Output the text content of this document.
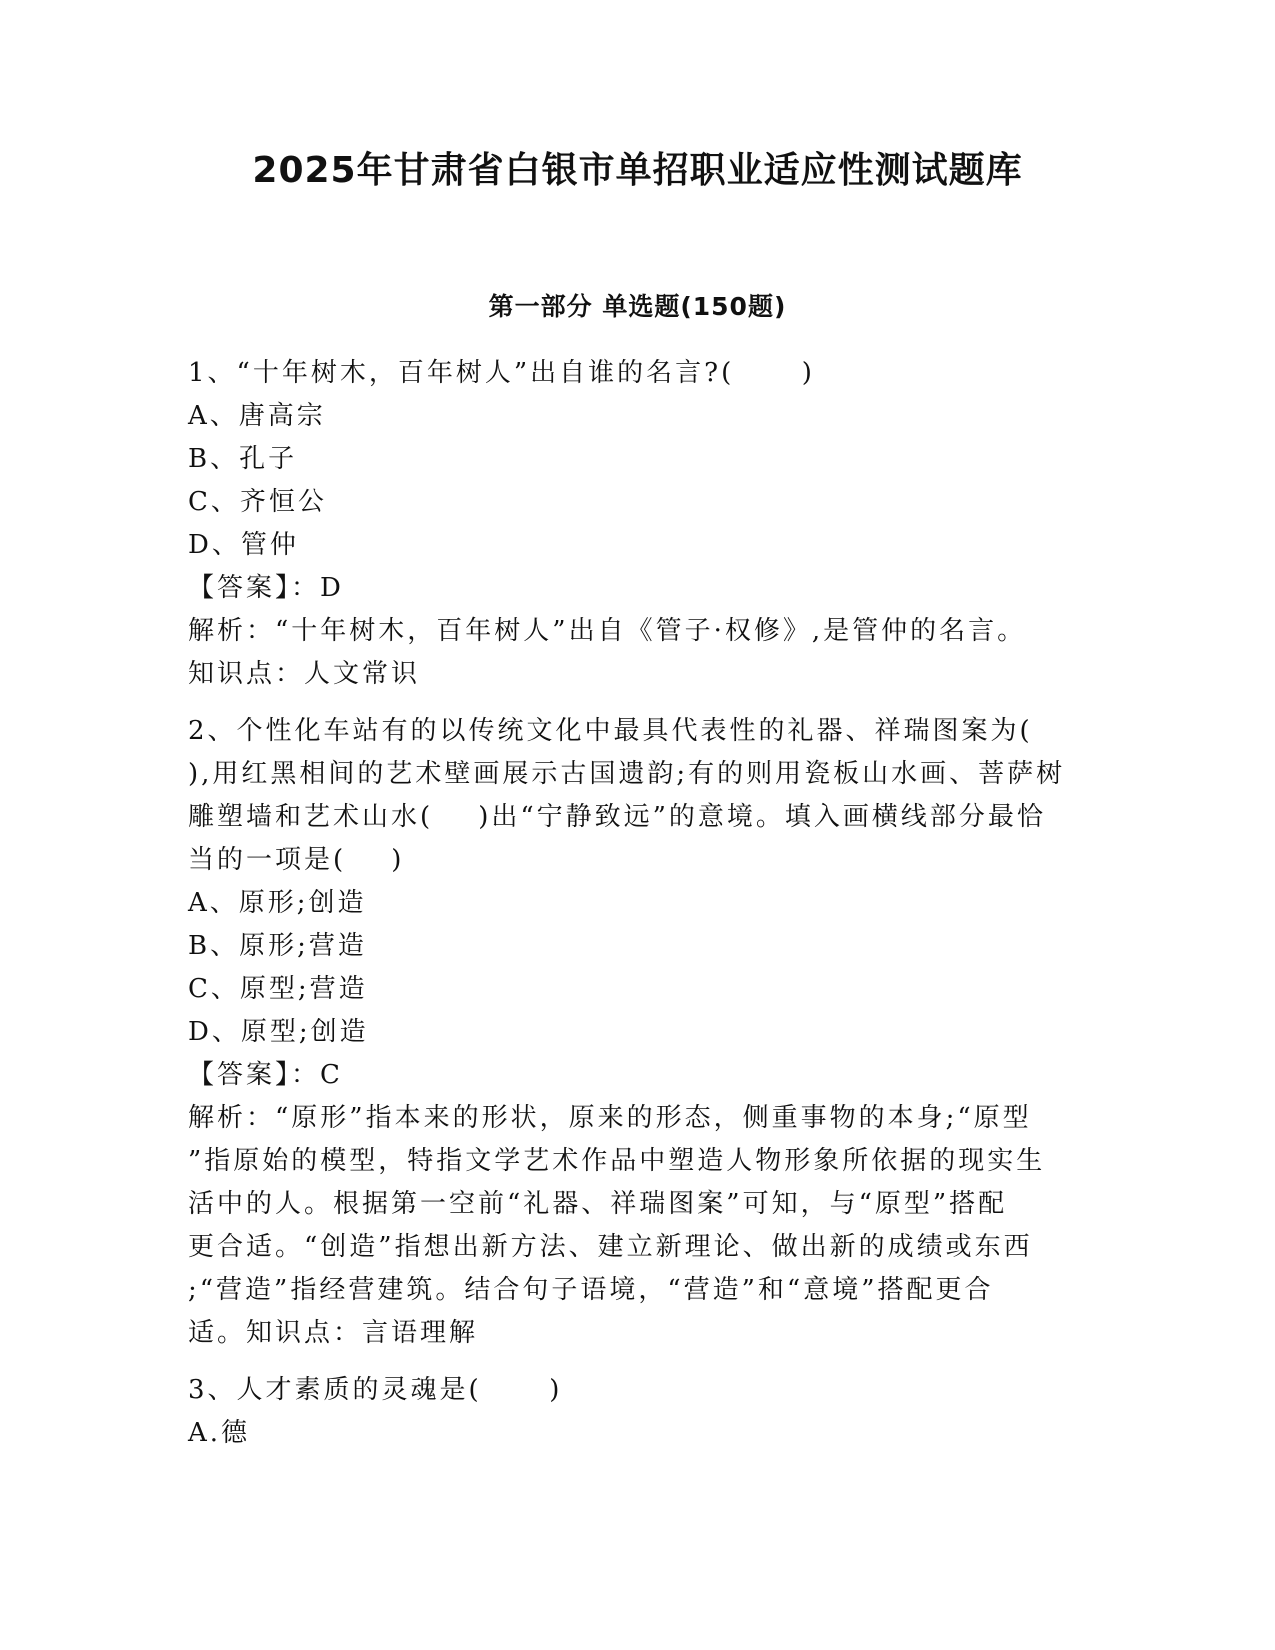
2025年甘肃省白银市单招职业适应性测试题库
第一部分 单选题(150题)
1、“十年树木，百年树人”出自谁的名言?(      )
A、唐高宗
B、孔子
C、齐恒公
D、管仲
【答案】：D
解析：“十年树木，百年树人”出自《管子·权修》,是管仲的名言。
知识点：人文常识
2、个性化车站有的以传统文化中最具代表性的礼器、祥瑞图案为(
),用红黑相间的艺术壁画展示古国遗韵;有的则用瓷板山水画、菩萨树
雕塑墙和艺术山水(    )出“宁静致远”的意境。填入画横线部分最恰
当的一项是(    )
A、原形;创造
B、原形;营造
C、原型;营造
D、原型;创造
【答案】：C
解析：“原形”指本来的形状，原来的形态，侧重事物的本身;“原型
”指原始的模型，特指文学艺术作品中塑造人物形象所依据的现实生
活中的人。根据第一空前“礼器、祥瑞图案”可知，与“原型”搭配
更合适。“创造”指想出新方法、建立新理论、做出新的成绩或东西
;“营造”指经营建筑。结合句子语境，“营造”和“意境”搭配更合
适。知识点：言语理解
3、人才素质的灵魂是(      )
A.德
